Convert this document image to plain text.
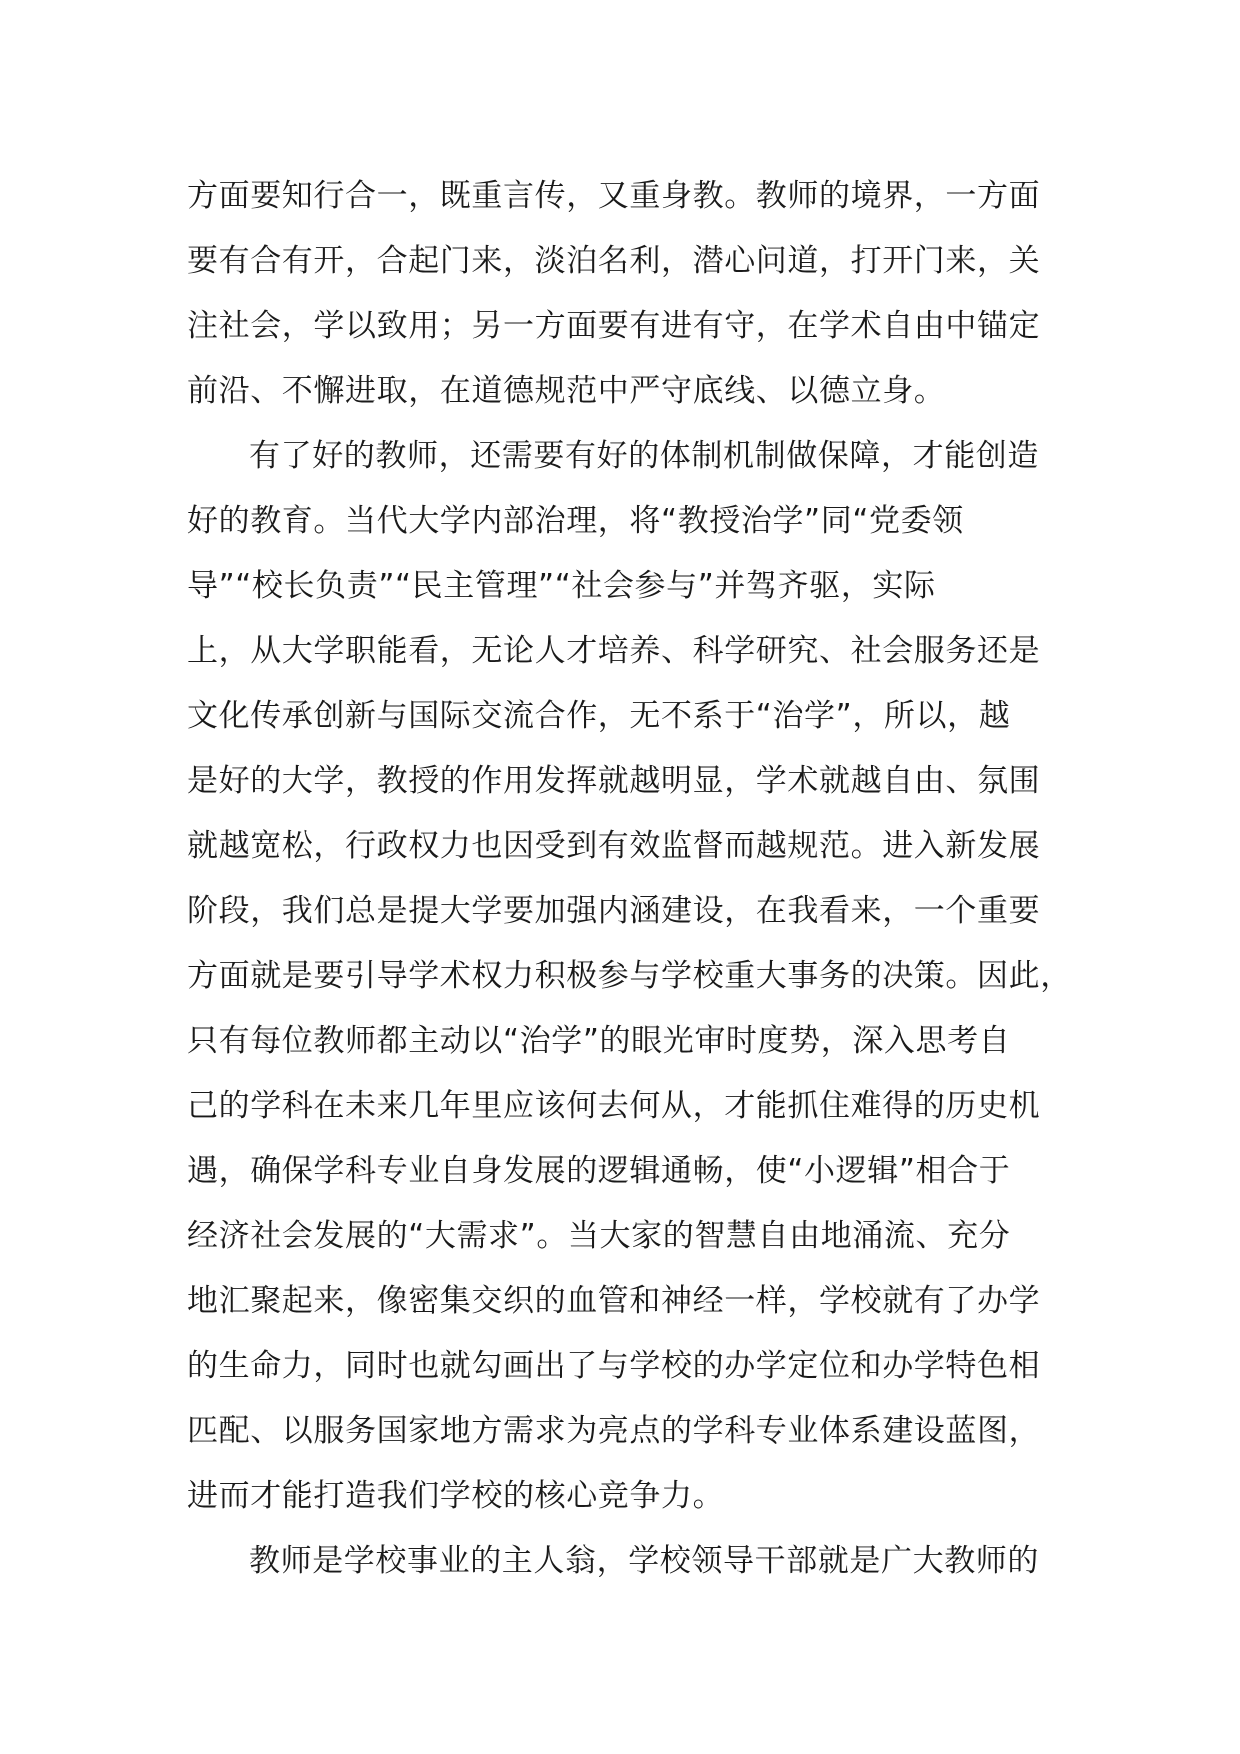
方面要知行合一，既重言传，又重身教。教师的境界，一方面
要有合有开，合起门来，淡泊名利，潜心问道，打开门来，关
注社会，学以致用；另一方面要有进有守，在学术自由中锚定
前沿、不懈进取，在道德规范中严守底线、以德立身。
有了好的教师，还需要有好的体制机制做保障，才能创造
好的教育。当代大学内部治理，将“教授治学”同“党委领
导”“校长负责”“民主管理”“社会参与”并驾齐驱，实际
上，从大学职能看，无论人才培养、科学研究、社会服务还是
文化传承创新与国际交流合作，无不系于“治学”，所以，越
是好的大学，教授的作用发挥就越明显，学术就越自由、氛围
就越宽松，行政权力也因受到有效监督而越规范。进入新发展
阶段，我们总是提大学要加强内涵建设，在我看来，一个重要
方面就是要引导学术权力积极参与学校重大事务的决策。因此，
只有每位教师都主动以“治学”的眼光审时度势，深入思考自
己的学科在未来几年里应该何去何从，才能抓住难得的历史机
遇，确保学科专业自身发展的逻辑通畅，使“小逻辑”相合于
经济社会发展的“大需求”。当大家的智慧自由地涌流、充分
地汇聚起来，像密集交织的血管和神经一样，学校就有了办学
的生命力，同时也就勾画出了与学校的办学定位和办学特色相
匹配、以服务国家地方需求为亮点的学科专业体系建设蓝图，
进而才能打造我们学校的核心竞争力。
教师是学校事业的主人翁，学校领导干部就是广大教师的
